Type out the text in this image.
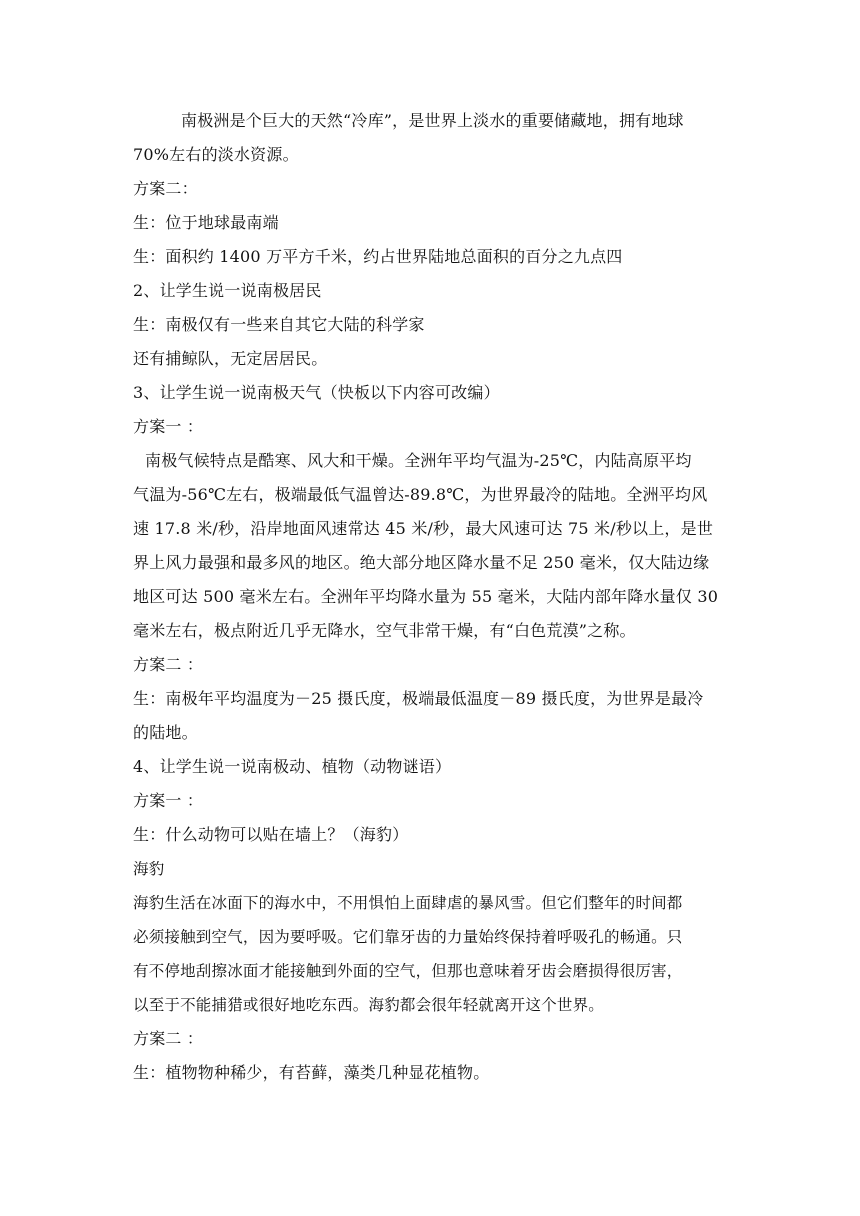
南极洲是个巨大的天然“冷库”，是世界上淡水的重要储藏地，拥有地球
70%左右的淡水资源。
方案二：
生：位于地球最南端
生：面积约 1400 万平方千米，约占世界陆地总面积的百分之九点四
2、让学生说一说南极居民
生：南极仅有一些来自其它大陆的科学家
还有捕鲸队，无定居居民。
3、让学生说一说南极天气（快板以下内容可改编）
方案一 ：
南极气候特点是酷寒、风大和干燥。全洲年平均气温为-25℃，内陆高原平均
气温为-56℃左右，极端最低气温曾达-89.8℃，为世界最冷的陆地。全洲平均风
速 17.8 米/秒，沿岸地面风速常达 45 米/秒，最大风速可达 75 米/秒以上，是世
界上风力最强和最多风的地区。绝大部分地区降水量不足 250 毫米，仅大陆边缘
地区可达 500 毫米左右。全洲年平均降水量为 55 毫米，大陆内部年降水量仅 30
毫米左右，极点附近几乎无降水，空气非常干燥，有“白色荒漠”之称。
方案二 ：
生：南极年平均温度为－25 摄氏度，极端最低温度－89 摄氏度，为世界是最冷
的陆地。
4、让学生说一说南极动、植物（动物谜语）
方案一 ：
生：什么动物可以贴在墙上？（海豹）
海豹
海豹生活在冰面下的海水中，不用惧怕上面肆虐的暴风雪。但它们整年的时间都
必须接触到空气，因为要呼吸。它们靠牙齿的力量始终保持着呼吸孔的畅通。只
有不停地刮擦冰面才能接触到外面的空气，但那也意味着牙齿会磨损得很厉害，
以至于不能捕猎或很好地吃东西。海豹都会很年轻就离开这个世界。
方案二 ：
生：植物物种稀少，有苔藓，藻类几种显花植物。
